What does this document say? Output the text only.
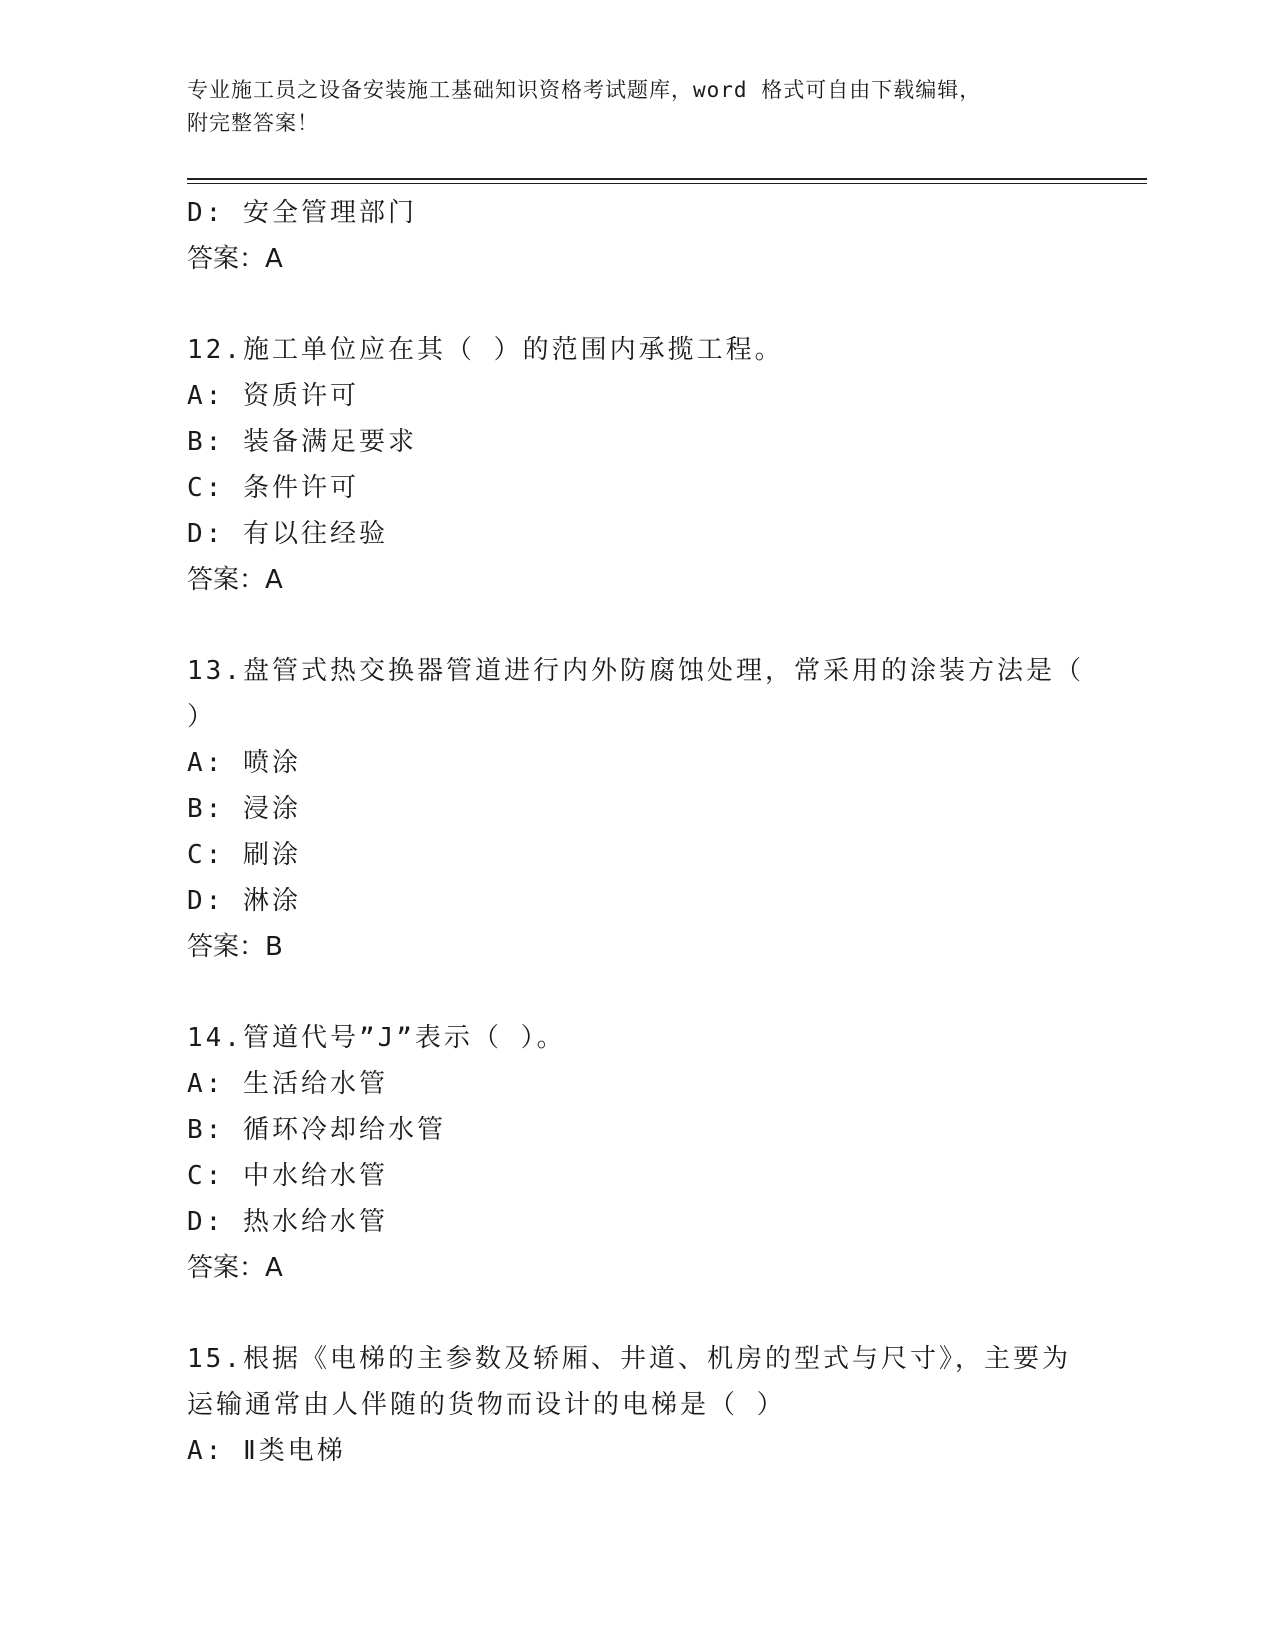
专业施工员之设备安装施工基础知识资格考试题库，word 格式可自由下载编辑，
附完整答案！
D: 安全管理部门
答案：A
12.施工单位应在其（ ）的范围内承揽工程。
A: 资质许可
B: 装备满足要求
C: 条件许可
D: 有以往经验
答案：A
13.盘管式热交换器管道进行内外防腐蚀处理，常采用的涂装方法是（
）
A: 喷涂
B: 浸涂
C: 刷涂
D: 淋涂
答案：B
14.管道代号”J”表示（ ）。
A: 生活给水管
B: 循环冷却给水管
C: 中水给水管
D: 热水给水管
答案：A
15.根据《电梯的主参数及轿厢、井道、机房的型式与尺寸》，主要为
运输通常由人伴随的货物而设计的电梯是（ ）
A: Ⅱ类电梯
